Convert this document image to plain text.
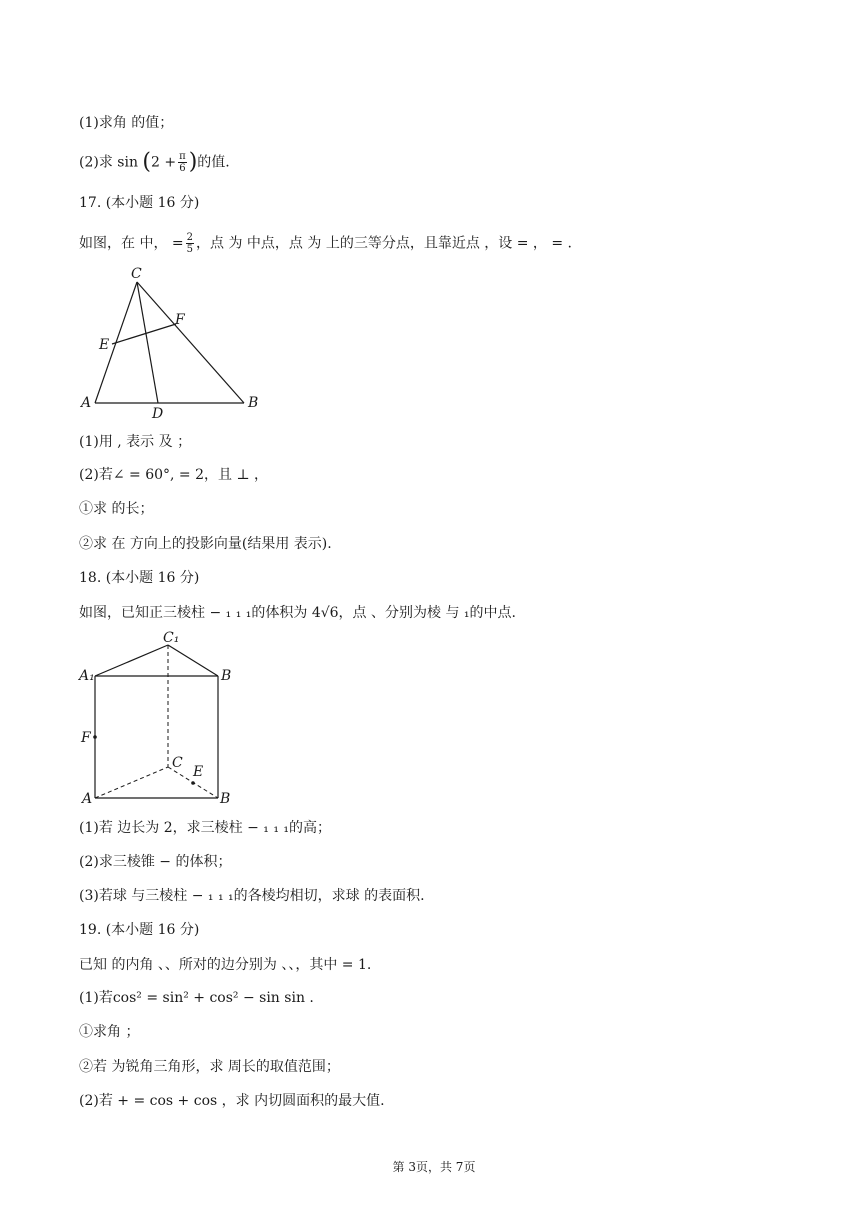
(1)求角 的值；
(2)求 $\sin (2 + \frac{\pi}{6}$ )的值.
17. (本小题 16 分)
如图，在 中， = $\frac{2}{5}$ ，点 为 中点，点 为 上的三等分点，且靠近点 ，设 = ， = .
C
F
E
A
D
B
(1)用 , 表示 及 ；
(2)若∠ = 60°, = 2，且 ⊥ ，
①求 的长；
②求 在 方向上的投影向量(结果用 表示).
18. (本小题 16 分)
如图，已知正三棱柱 − ₁ ₁ ₁的体积为 4√6，点 、分别为棱 与 ₁的中点.
C₁
A₁	B
F
C
E
A	B
(1)若 边长为 2，求三棱柱 − ₁ ₁ ₁的高；
(2)求三棱锥 − 的体积；
(3)若球 与三棱柱 − ₁ ₁ ₁的各棱均相切，求球 的表面积.
19. (本小题 16 分)
已知 的内角 、、所对的边分别为 、、，其中 = 1.
(1)若cos² = sin² + cos² − sin sin .
①求角 ；
②若 为锐角三角形，求 周长的取值范围；
(2)若 + = cos + cos ，求 内切圆面积的最大值.
第 3页，共 7页
